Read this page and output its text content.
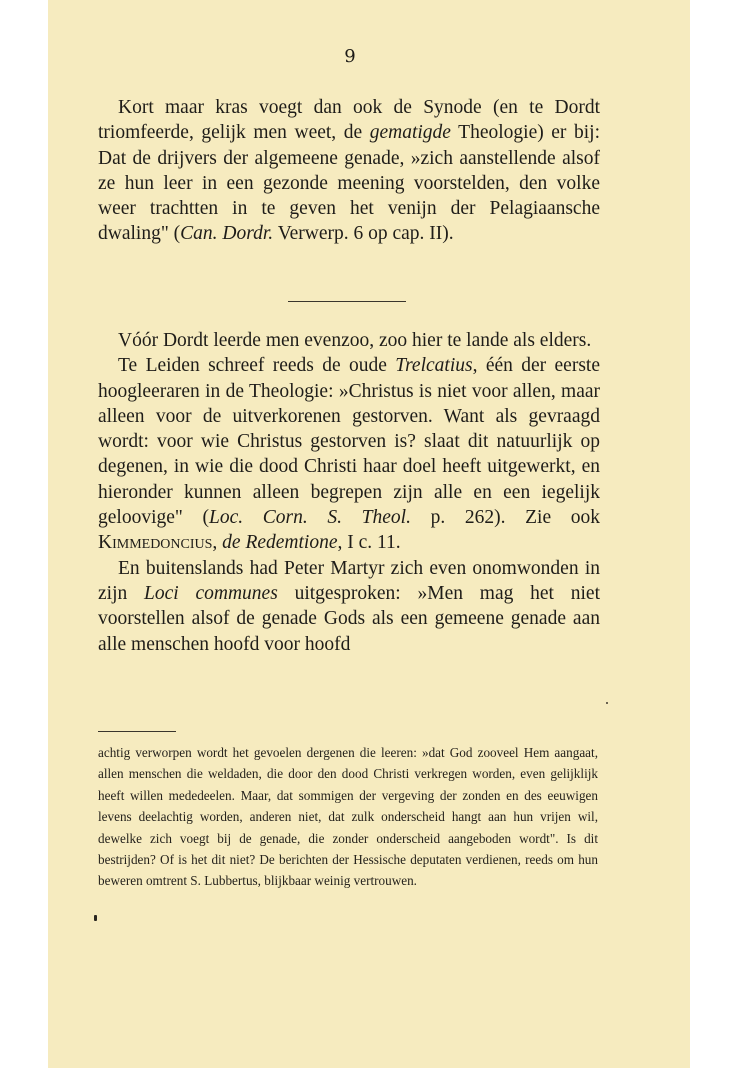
9

Kort maar kras voegt dan ook de Synode (en te Dordt triomfeerde, gelijk men weet, de gematigde Theologie) er bij: Dat de drijvers der algemeene genade, »zich aanstellende alsof ze hun leer in een gezonde meening voorstelden, den volke weer trachtten in te geven het venijn der Pelagiaansche dwaling" (Can. Dordr. Verwerp. 6 op cap. II).

Vóór Dordt leerde men evenzoo, zoo hier te lande als elders.

Te Leiden schreef reeds de oude Trelcatius, één der eerste hoogleeraren in de Theologie: »Christus is niet voor allen, maar alleen voor de uitverkorenen gestorven. Want als gevraagd wordt: voor wie Christus gestorven is? slaat dit natuurlijk op degenen, in wie die dood Christi haar doel heeft uitgewerkt, en hieronder kunnen alleen begrepen zijn alle en een iegelijk geloovige" (Loc. Corn. S. Theol. p. 262). Zie ook Kimmedoncius, de Redemtione, I c. 11.

En buitenslands had Peter Martyr zich even onomwonden in zijn Loci communes uitgesproken: »Men mag het niet voorstellen alsof de genade Gods als een gemeene genade aan alle menschen hoofd voor hoofd

achtig verworpen wordt het gevoelen dergenen die leeren: »dat God zooveel Hem aangaat, allen menschen die weldaden, die door den dood Christi verkregen worden, even gelijklijk heeft willen mededeelen. Maar, dat sommigen der vergeving der zonden en des eeuwigen levens deelachtig worden, anderen niet, dat zulk onderscheid hangt aan hun vrijen wil, dewelke zich voegt bij de genade, die zonder onderscheid aangeboden wordt". Is dit bestrijden? Of is het dit niet? De berichten der Hessische deputaten verdienen, reeds om hun beweren omtrent S. Lubbertus, blijkbaar weinig vertrouwen.
